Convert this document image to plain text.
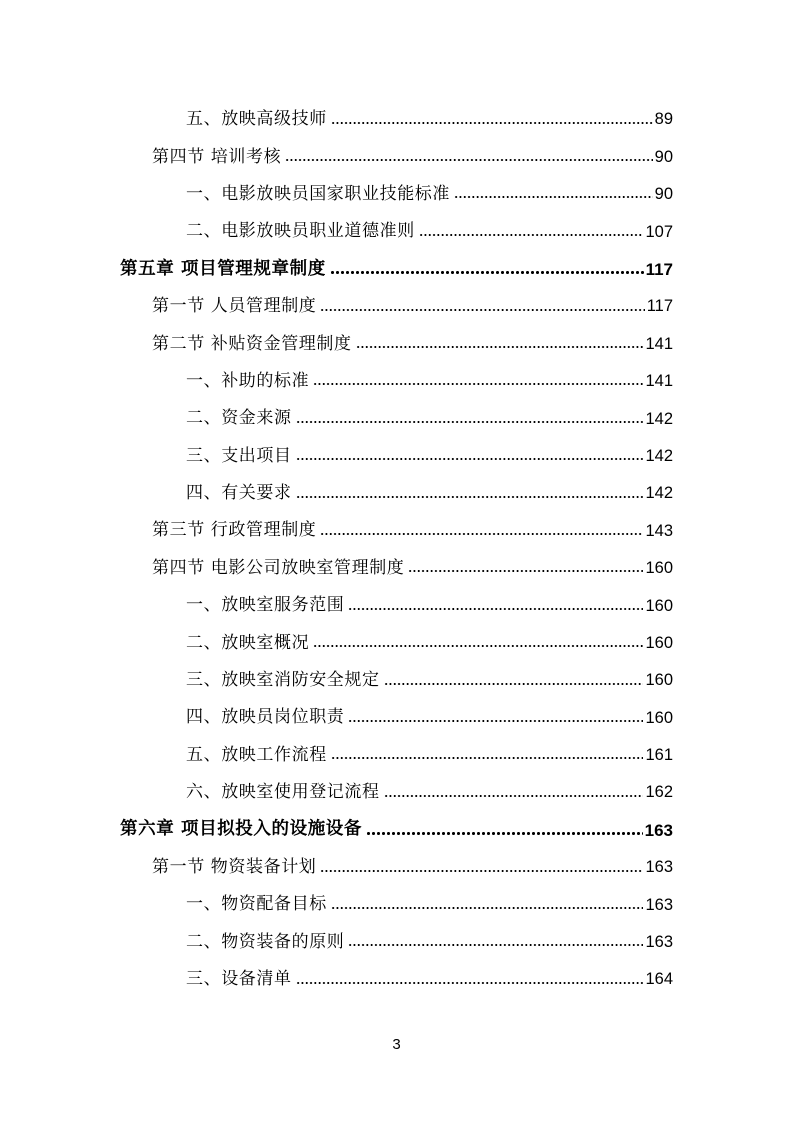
五、放映高级技师	89
第四节 培训考核	90
一、电影放映员国家职业技能标准	90
二、电影放映员职业道德准则	107
第五章 项目管理规章制度	117
第一节 人员管理制度	117
第二节 补贴资金管理制度	141
一、补助的标准	141
二、资金来源	142
三、支出项目	142
四、有关要求	142
第三节 行政管理制度	143
第四节 电影公司放映室管理制度	160
一、放映室服务范围	160
二、放映室概况	160
三、放映室消防安全规定	160
四、放映员岗位职责	160
五、放映工作流程	161
六、放映室使用登记流程	162
第六章 项目拟投入的设施设备	163
第一节 物资装备计划	163
一、物资配备目标	163
二、物资装备的原则	163
三、设备清单	164
3
